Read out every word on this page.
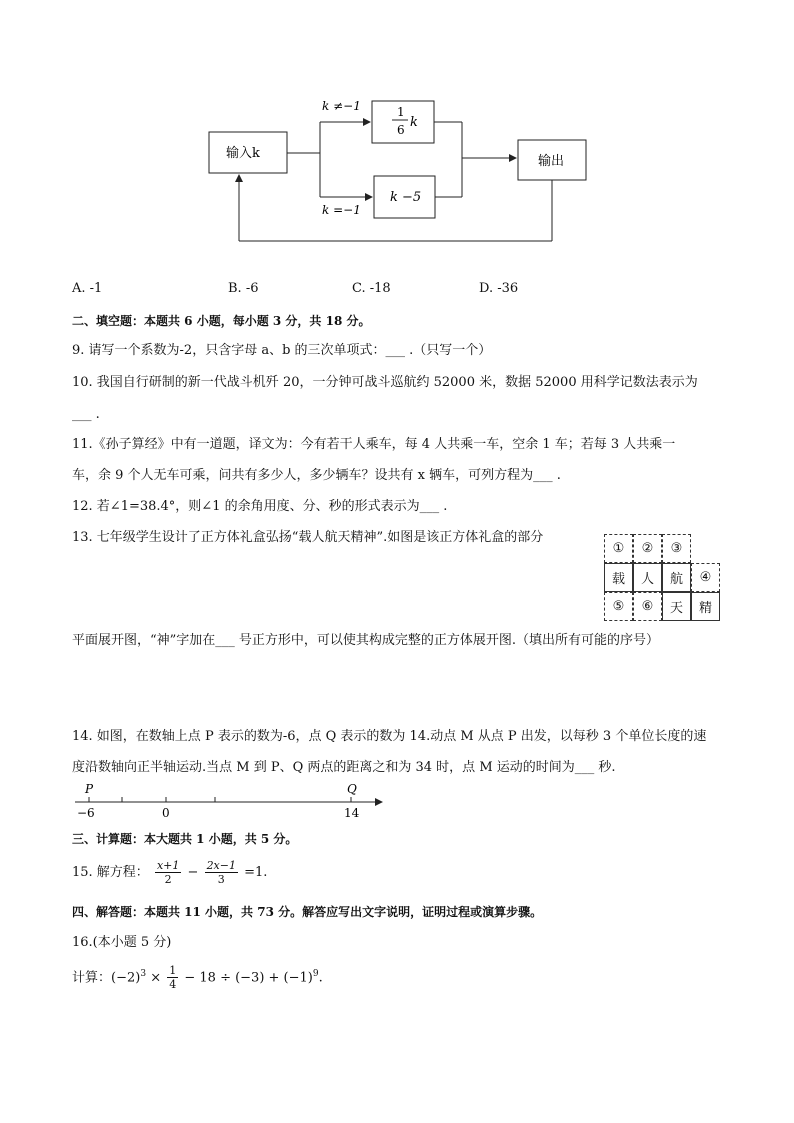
输入k
k ≠−1
k =−1
1
6 k
k −5
输出
A. -1	B. -6	C. -18	D. -36
二、填空题：本题共 6 小题，每小题 3 分，共 18 分。
9. 请写一个系数为-2，只含字母 a、b 的三次单项式：___ .（只写一个）
10. 我国自行研制的新一代战斗机歼 20，一分钟可战斗巡航约 52000 米，数据 52000 用科学记数法表示为
___ .
11.《孙子算经》中有一道题，译文为：今有若干人乘车，每 4 人共乘一车，空余 1 车；若每 3 人共乘一
车，余 9 个人无车可乘，问共有多少人，多少辆车？设共有 x 辆车，可列方程为___ .
12. 若∠1=38.4°，则∠1 的余角用度、分、秒的形式表示为___ .
13. 七年级学生设计了正方体礼盒弘扬“载人航天精神”.如图是该正方体礼盒的部分
①	②	③
载	人	航	④
⑤	⑥	天	精
平面展开图，“神”字加在___ 号正方形中，可以使其构成完整的正方体展开图.（填出所有可能的序号）
14. 如图，在数轴上点 P 表示的数为-6，点 Q 表示的数为 14.动点 M 从点 P 出发，以每秒 3 个单位长度的速
度沿数轴向正半轴运动.当点 M 到 P、Q 两点的距离之和为 34 时，点 M 运动的时间为___ 秒.
P	Q
−6	0	14
三、计算题：本大题共 1 小题，共 5 分。
15. 解方程： $\frac{x+1}{2} - \frac{2x-1}{3} =1$.
四、解答题：本题共 11 小题，共 73 分。解答应写出文字说明，证明过程或演算步骤。
16.(本小题 5 分)
计算：$(-2)^3 \times \frac{1}{4} - 18 \div (-3) + (-1)^9$.
